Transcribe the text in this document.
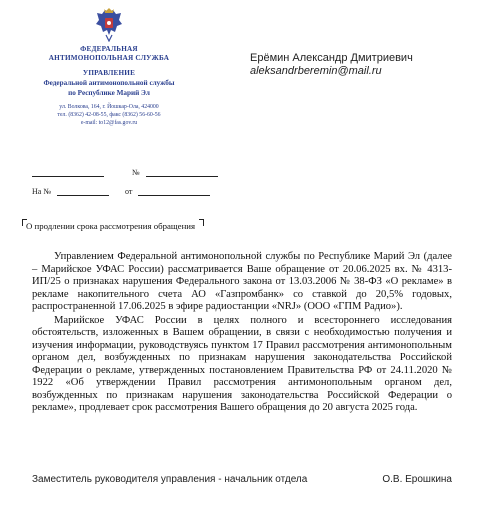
ФЕДЕРАЛЬНАЯ
АНТИМОНОПОЛЬНАЯ СЛУЖБА
УПРАВЛЕНИЕ
Федеральной антимонопольной службы
по Республике Марий Эл
ул. Волкова, 164, г. Йошкар-Ола, 424000
тел. (8362) 42-08-55, факс (8362) 56-60-56
e-mail: to12@fas.gov.ru
Ерёмин Александр Дмитриевич
aleksandrberemin@mail.ru
№
На №	от
О продлении срока рассмотрения обращения

Управлением Федеральной антимонопольной службы по Республике Марий Эл (далее – Марийское УФАС России) рассматривается Ваше обращение от 20.06.2025 вх. № 4313- ИП/25 о признаках нарушения Федерального закона от 13.03.2006 № 38-ФЗ «О рекламе» в рекламе накопительного счета АО «Газпромбанк» со ставкой до 20,5% годовых, распространенной 17.06.2025 в эфире радиостанции «NRJ» (ООО «ГПМ Радио»).

Марийское УФАС России в целях полного и всестороннего исследования обстоятельств, изложенных в Вашем обращении, в связи с необходимостью получения и изучения информации, руководствуясь пунктом 17 Правил рассмотрения антимонопольным органом дел, возбужденных по признакам нарушения законодательства Российской Федерации о рекламе, утвержденных постановлением Правительства РФ от 24.11.2020 № 1922 «Об утверждении Правил рассмотрения антимонопольным органом дел, возбужденных по признакам нарушения законодательства Российской Федерации о рекламе», продлевает срок рассмотрения Вашего обращения до 20 августа 2025 года.

Заместитель руководителя управления - начальник отдела	О.В. Ерошкина
